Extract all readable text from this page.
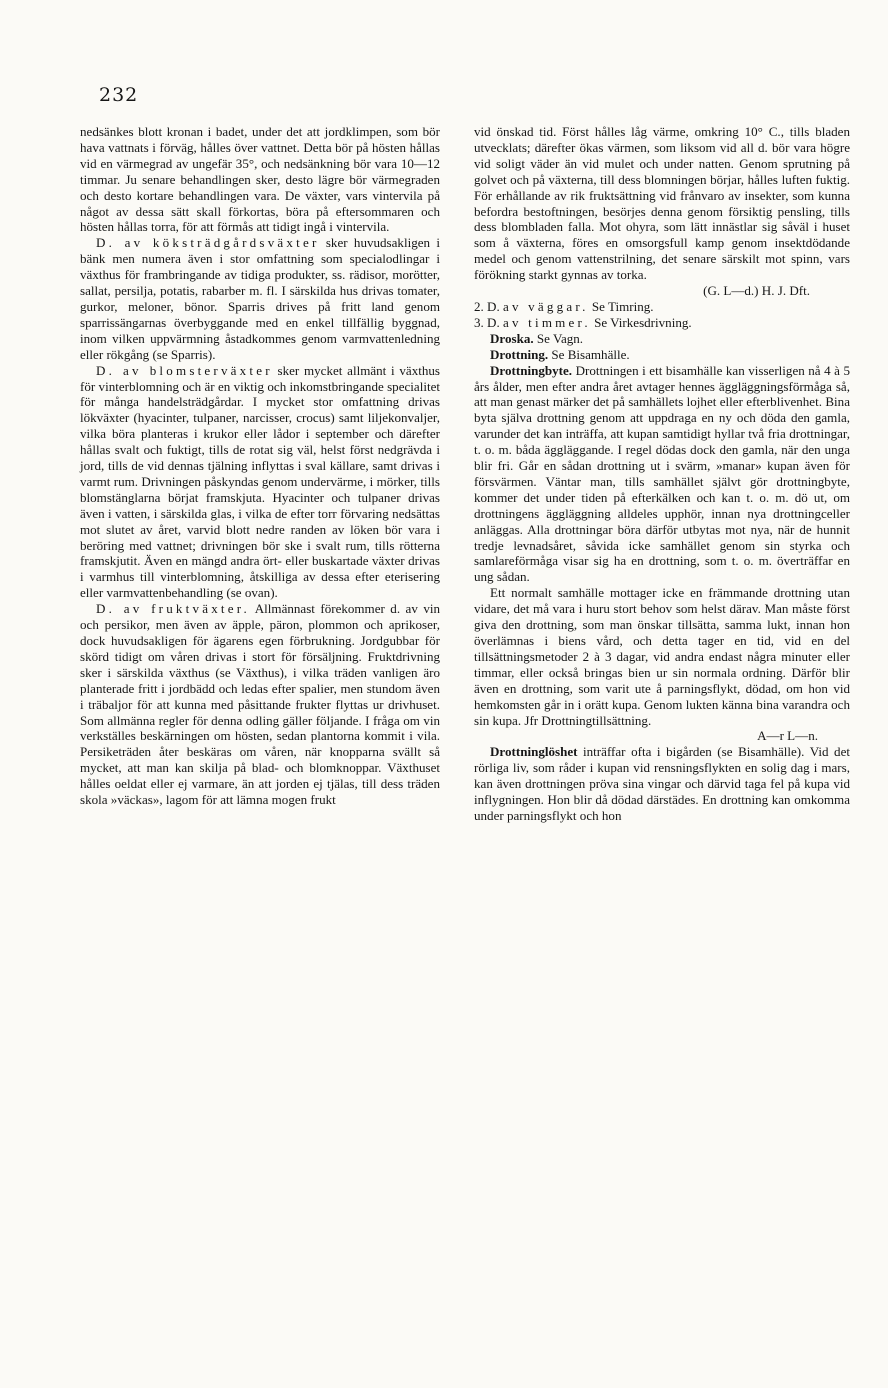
232

nedsänkes blott kronan i badet, under det att jordklimpen, som bör hava vattnats i förväg, hålles över vattnet. Detta bör på hösten hållas vid en värmegrad av ungefär 35°, och nedsänkning bör vara 10—12 timmar. Ju senare behandlingen sker, desto lägre bör värmegraden och desto kortare behandlingen vara. De växter, vars vintervila på något av dessa sätt skall förkortas, böra på eftersommaren och hösten hållas torra, för att förmås att tidigt ingå i vintervila.

D. av köksträdgårdsväxter sker huvudsakligen i bänk men numera även i stor omfattning som specialodlingar i växthus för frambringande av tidiga produkter, ss. rädisor, morötter, sallat, persilja, potatis, rabarber m. fl. I särskilda hus drivas tomater, gurkor, meloner, bönor. Sparris drives på fritt land genom sparrissängarnas överbyggande med en enkel tillfällig byggnad, inom vilken uppvärmning åstadkommes genom varmvattenledning eller rökgång (se Sparris).

D. av blomsterväxter sker mycket allmänt i växthus för vinterblomning och är en viktig och inkomstbringande specialitet för många handelsträdgårdar. I mycket stor omfattning drivas lökväxter (hyacinter, tulpaner, narcisser, crocus) samt liljekonvaljer, vilka böra planteras i krukor eller lådor i september och därefter hållas svalt och fuktigt, tills de rotat sig väl, helst först nedgrävda i jord, tills de vid dennas tjälning inflyttas i sval källare, samt drivas i varmt rum. Drivningen påskyndas genom undervärme, i mörker, tills blomstänglarna börjat framskjuta. Hyacinter och tulpaner drivas även i vatten, i särskilda glas, i vilka de efter torr förvaring nedsättas mot slutet av året, varvid blott nedre randen av löken bör vara i beröring med vattnet; drivningen bör ske i svalt rum, tills rötterna framskjutit. Även en mängd andra ört- eller buskartade växter drivas i varmhus till vinterblomning, åtskilliga av dessa efter eterisering eller varmvattenbehandling (se ovan).

D. av fruktväxter. Allmännast förekommer d. av vin och persikor, men även av äpple, päron, plommon och aprikoser, dock huvudsakligen för ägarens egen förbrukning. Jordgubbar för skörd tidigt om våren drivas i stort för försäljning. Fruktdrivning sker i särskilda växthus (se Växthus), i vilka träden vanligen äro planterade fritt i jordbädd och ledas efter spalier, men stundom även i träbaljor för att kunna med påsittande frukter flyttas ur drivhuset. Som allmänna regler för denna odling gäller följande. I fråga om vin verkställes beskärningen om hösten, sedan plantorna kommit i vila. Persiketräden åter beskäras om våren, när knopparna svällt så mycket, att man kan skilja på blad- och blomknoppar. Växthuset hålles oeldat eller ej varmare, än att jorden ej tjälas, till dess träden skola »väckas», lagom för att lämna mogen frukt

vid önskad tid. Först hålles låg värme, omkring 10° C., tills bladen utvecklats; därefter ökas värmen, som liksom vid all d. bör vara högre vid soligt väder än vid mulet och under natten. Genom sprutning på golvet och på växterna, till dess blomningen börjar, hålles luften fuktig. För erhållande av rik fruktsättning vid frånvaro av insekter, som kunna befordra bestoftningen, besörjes denna genom försiktig pensling, tills dess blombladen falla. Mot ohyra, som lätt innästlar sig såväl i huset som å växterna, föres en omsorgsfull kamp genom insektdödande medel och genom vattenstrilning, det senare särskilt mot spinn, vars förökning starkt gynnas av torka.
(G. L—d.) H. J. Dft.

2. D. av väggar. Se Timring.

3. D. av timmer. Se Virkesdrivning.

Droska. Se Vagn.

Drottning. Se Bisamhälle.

Drottningbyte. Drottningen i ett bisamhälle kan visserligen nå 4 à 5 års ålder, men efter andra året avtager hennes äggläggningsförmåga så, att man genast märker det på samhällets lojhet eller efterblivenhet. Bina byta själva drottning genom att uppdraga en ny och döda den gamla, varunder det kan inträffa, att kupan samtidigt hyllar två fria drottningar, t. o. m. båda äggläggande. I regel dödas dock den gamla, när den unga blir fri. Går en sådan drottning ut i svärm, »manar» kupan även för försvärmen. Väntar man, tills samhället självt gör drottningbyte, kommer det under tiden på efterkälken och kan t. o. m. dö ut, om drottningens äggläggning alldeles upphör, innan nya drottningceller anläggas. Alla drottningar böra därför utbytas mot nya, när de hunnit tredje levnadsåret, såvida icke samhället genom sin styrka och samlareförmåga visar sig ha en drottning, som t. o. m. överträffar en ung sådan.

Ett normalt samhälle mottager icke en främmande drottning utan vidare, det må vara i huru stort behov som helst därav. Man måste först giva den drottning, som man önskar tillsätta, samma lukt, innan hon överlämnas i biens vård, och detta tager en tid, vid en del tillsättningsmetoder 2 à 3 dagar, vid andra endast några minuter eller timmar, eller också bringas bien ur sin normala ordning. Därför blir även en drottning, som varit ute å parningsflykt, dödad, om hon vid hemkomsten går in i orätt kupa. Genom lukten känna bina varandra och sin kupa. Jfr Drottningtillsättning.
A—r L—n.

Drottninglöshet inträffar ofta i bigården (se Bisamhälle). Vid det rörliga liv, som råder i kupan vid rensningsflykten en solig dag i mars, kan även drottningen pröva sina vingar och därvid taga fel på kupa vid inflygningen. Hon blir då dödad därstädes. En drottning kan omkomma under parningsflykt och hon
